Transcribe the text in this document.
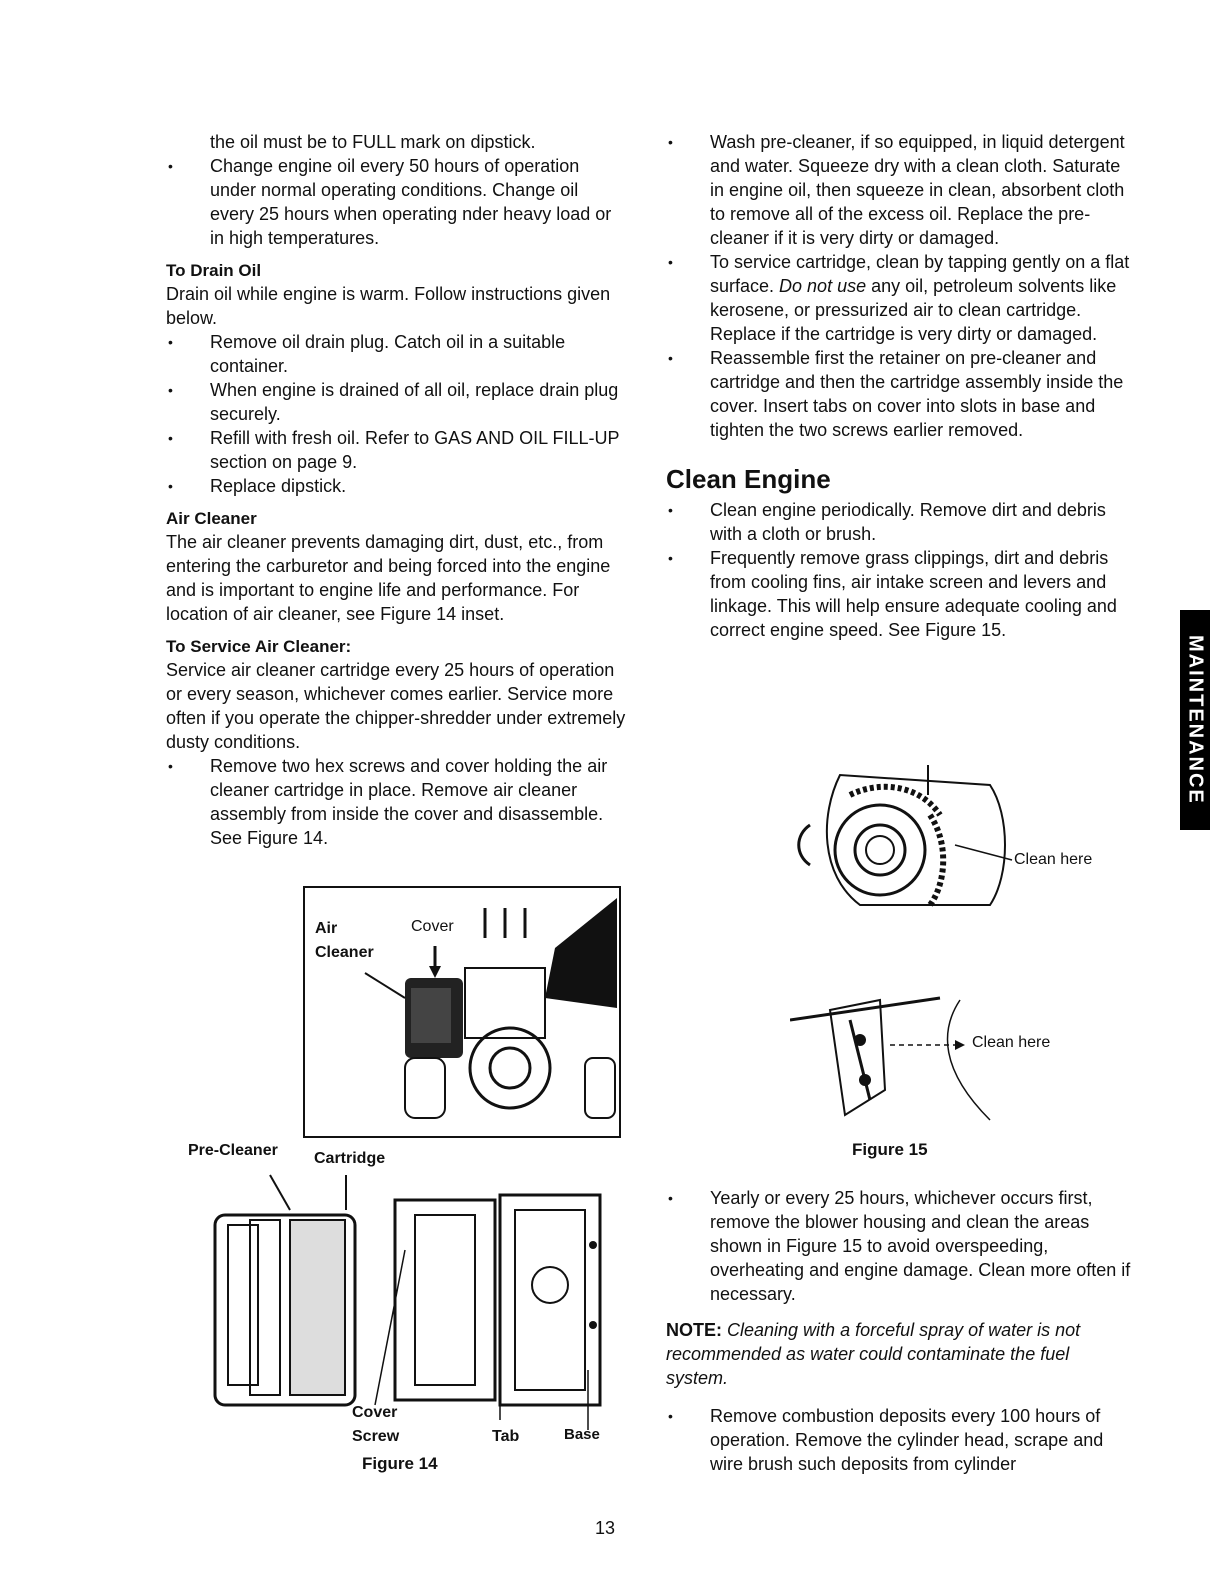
the oil must be to FULL mark on dipstick.

• Change engine oil every 50 hours of operation under normal operating conditions. Change oil every 25 hours when operating nder heavy load or in high temperatures.

To Drain Oil

Drain oil while engine is warm. Follow instructions given below.

• Remove oil drain plug. Catch oil in a suitable container.
• When engine is drained of all oil, replace drain plug securely.
• Refill with fresh oil. Refer to GAS AND OIL FILL-UP section on page 9.
• Replace dipstick.

Air Cleaner

The air cleaner prevents damaging dirt, dust, etc., from entering the carburetor and being forced into the engine and is important to engine life and performance. For location of air cleaner, see Figure 14 inset.

To Service Air Cleaner:

Service air cleaner cartridge every 25 hours of operation or every season, whichever comes earlier. Service more often if you operate the chipper-shredder under extremely dusty conditions.

• Remove two hex screws and cover holding the air cleaner cartridge in place. Remove air cleaner assembly from inside the cover and disassemble. See Figure 14.
Air
Cleaner
Cover
Pre-Cleaner Cartridge
Cover
Screw	Tab	Base
Figure 14
• Wash pre-cleaner, if so equipped, in liquid detergent and water. Squeeze dry with a clean cloth. Saturate in engine oil, then squeeze in clean, absorbent cloth to remove all of the excess oil. Replace the pre-cleaner if it is very dirty or damaged.
• To service cartridge, clean by tapping gently on a flat surface. Do not use any oil, petroleum solvents like kerosene, or pressurized air to clean cartridge. Replace if the cartridge is very dirty or damaged.
• Reassemble first the retainer on pre-cleaner and cartridge and then the cartridge assembly inside the cover. Insert tabs on cover into slots in base and tighten the two screws earlier removed.
Clean Engine
• Clean engine periodically. Remove dirt and debris with a cloth or brush.
• Frequently remove grass clippings, dirt and debris from cooling fins, air intake screen and levers and linkage. This will help ensure adequate cooling and correct engine speed. See Figure 15.
Clean here
Clean here
Figure 15
• Yearly or every 25 hours, whichever occurs first, remove the blower housing and clean the areas shown in Figure 15 to avoid overspeeding, overheating and engine damage. Clean more often if necessary.

NOTE: Cleaning with a forceful spray of water is not recommended as water could contaminate the fuel system.

• Remove combustion deposits every 100 hours of operation. Remove the cylinder head, scrape and wire brush such deposits from cylinder
MAINTENANCE
13
